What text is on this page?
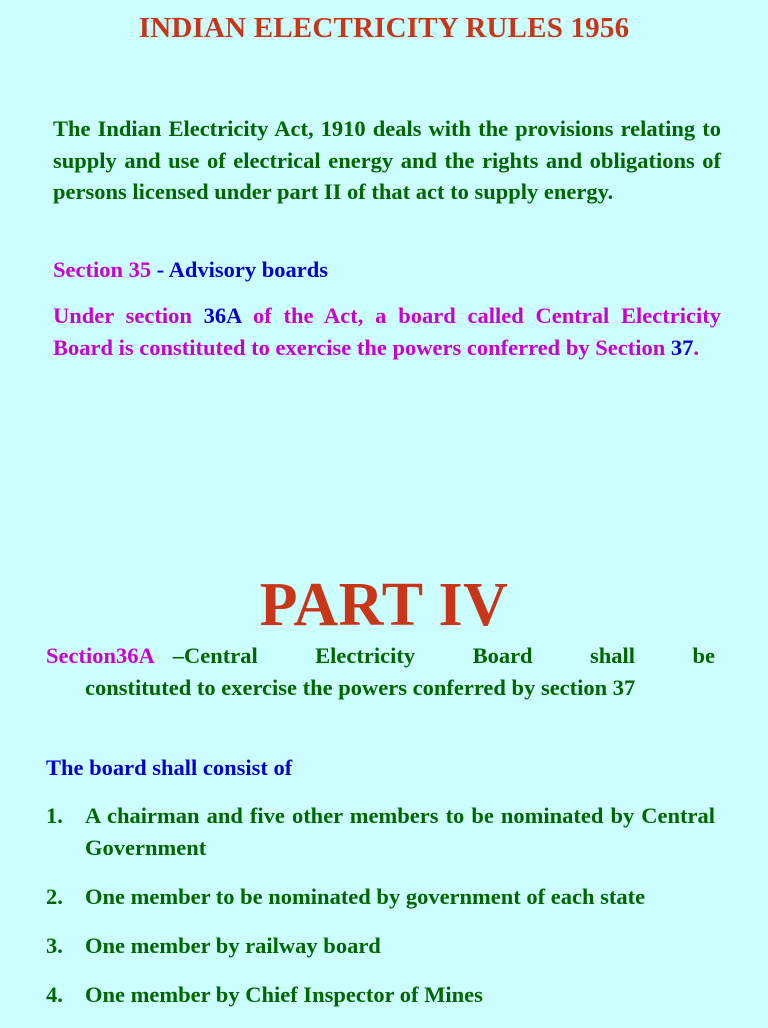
INDIAN ELECTRICITY RULES 1956
The Indian Electricity Act, 1910 deals with the provisions relating to supply and use of electrical energy and the rights and obligations of persons licensed under part II of that act to supply energy.
Section 35 - Advisory boards
Under section 36A of the Act, a board called Central Electricity Board is constituted to exercise the powers conferred by Section 37.
PART IV
Section 36A –Central	Electricity	Board	shall	be
constituted to exercise the powers conferred by section 37
The board shall consist of
1. A chairman and five other members to be nominated by Central Government
2. One member to be nominated by government of each state
3. One member by railway board
4. One member by Chief Inspector of Mines
